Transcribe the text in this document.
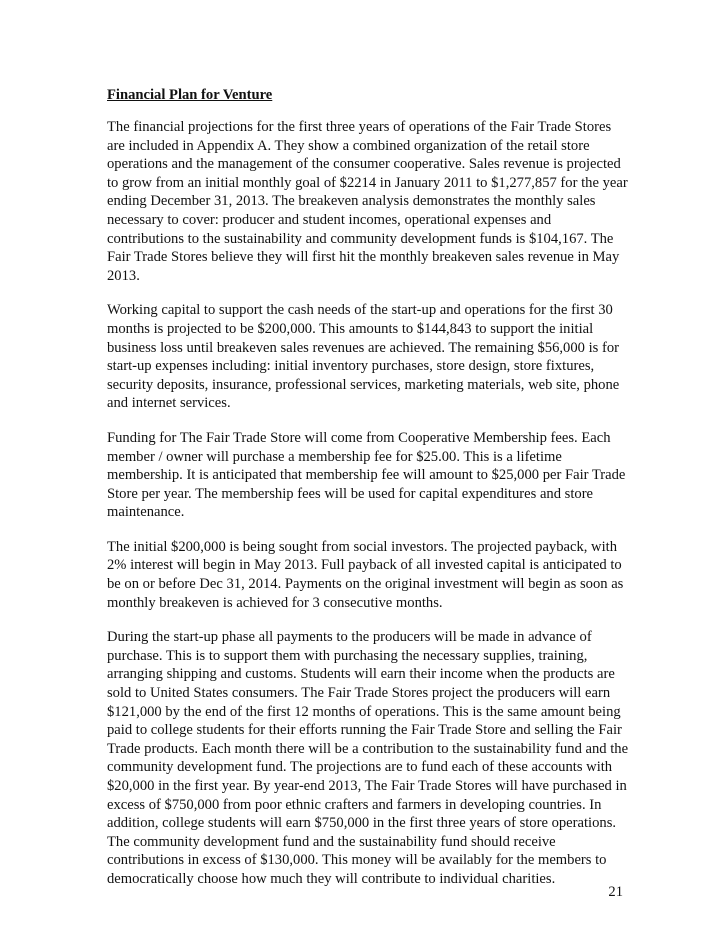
Financial Plan for Venture

The financial projections for the first three years of operations of the Fair Trade Stores are included in Appendix A. They show a combined organization of the retail store operations and the management of the consumer cooperative. Sales revenue is projected to grow from an initial monthly goal of $2214 in January 2011 to $1,277,857 for the year ending December 31, 2013. The breakeven analysis demonstrates the monthly sales necessary to cover: producer and student incomes, operational expenses and contributions to the sustainability and community development funds is $104,167. The Fair Trade Stores believe they will first hit the monthly breakeven sales revenue in May 2013.

Working capital to support the cash needs of the start-up and operations for the first 30 months is projected to be $200,000. This amounts to $144,843 to support the initial business loss until breakeven sales revenues are achieved. The remaining $56,000 is for start-up expenses including: initial inventory purchases, store design, store fixtures, security deposits, insurance, professional services, marketing materials, web site, phone and internet services.

Funding for The Fair Trade Store will come from Cooperative Membership fees. Each member / owner will purchase a membership fee for $25.00. This is a lifetime membership. It is anticipated that membership fee will amount to $25,000 per Fair Trade Store per year. The membership fees will be used for capital expenditures and store maintenance.

The initial $200,000 is being sought from social investors. The projected payback, with 2% interest will begin in May 2013. Full payback of all invested capital is anticipated to be on or before Dec 31, 2014. Payments on the original investment will begin as soon as monthly breakeven is achieved for 3 consecutive months.

During the start-up phase all payments to the producers will be made in advance of purchase. This is to support them with purchasing the necessary supplies, training, arranging shipping and customs. Students will earn their income when the products are sold to United States consumers. The Fair Trade Stores project the producers will earn $121,000 by the end of the first 12 months of operations. This is the same amount being paid to college students for their efforts running the Fair Trade Store and selling the Fair Trade products. Each month there will be a contribution to the sustainability fund and the community development fund. The projections are to fund each of these accounts with $20,000 in the first year. By year-end 2013, The Fair Trade Stores will have purchased in excess of $750,000 from poor ethnic crafters and farmers in developing countries. In addition, college students will earn $750,000 in the first three years of store operations. The community development fund and the sustainability fund should receive contributions in excess of $130,000. This money will be availably for the members to democratically choose how much they will contribute to individual charities.

21
